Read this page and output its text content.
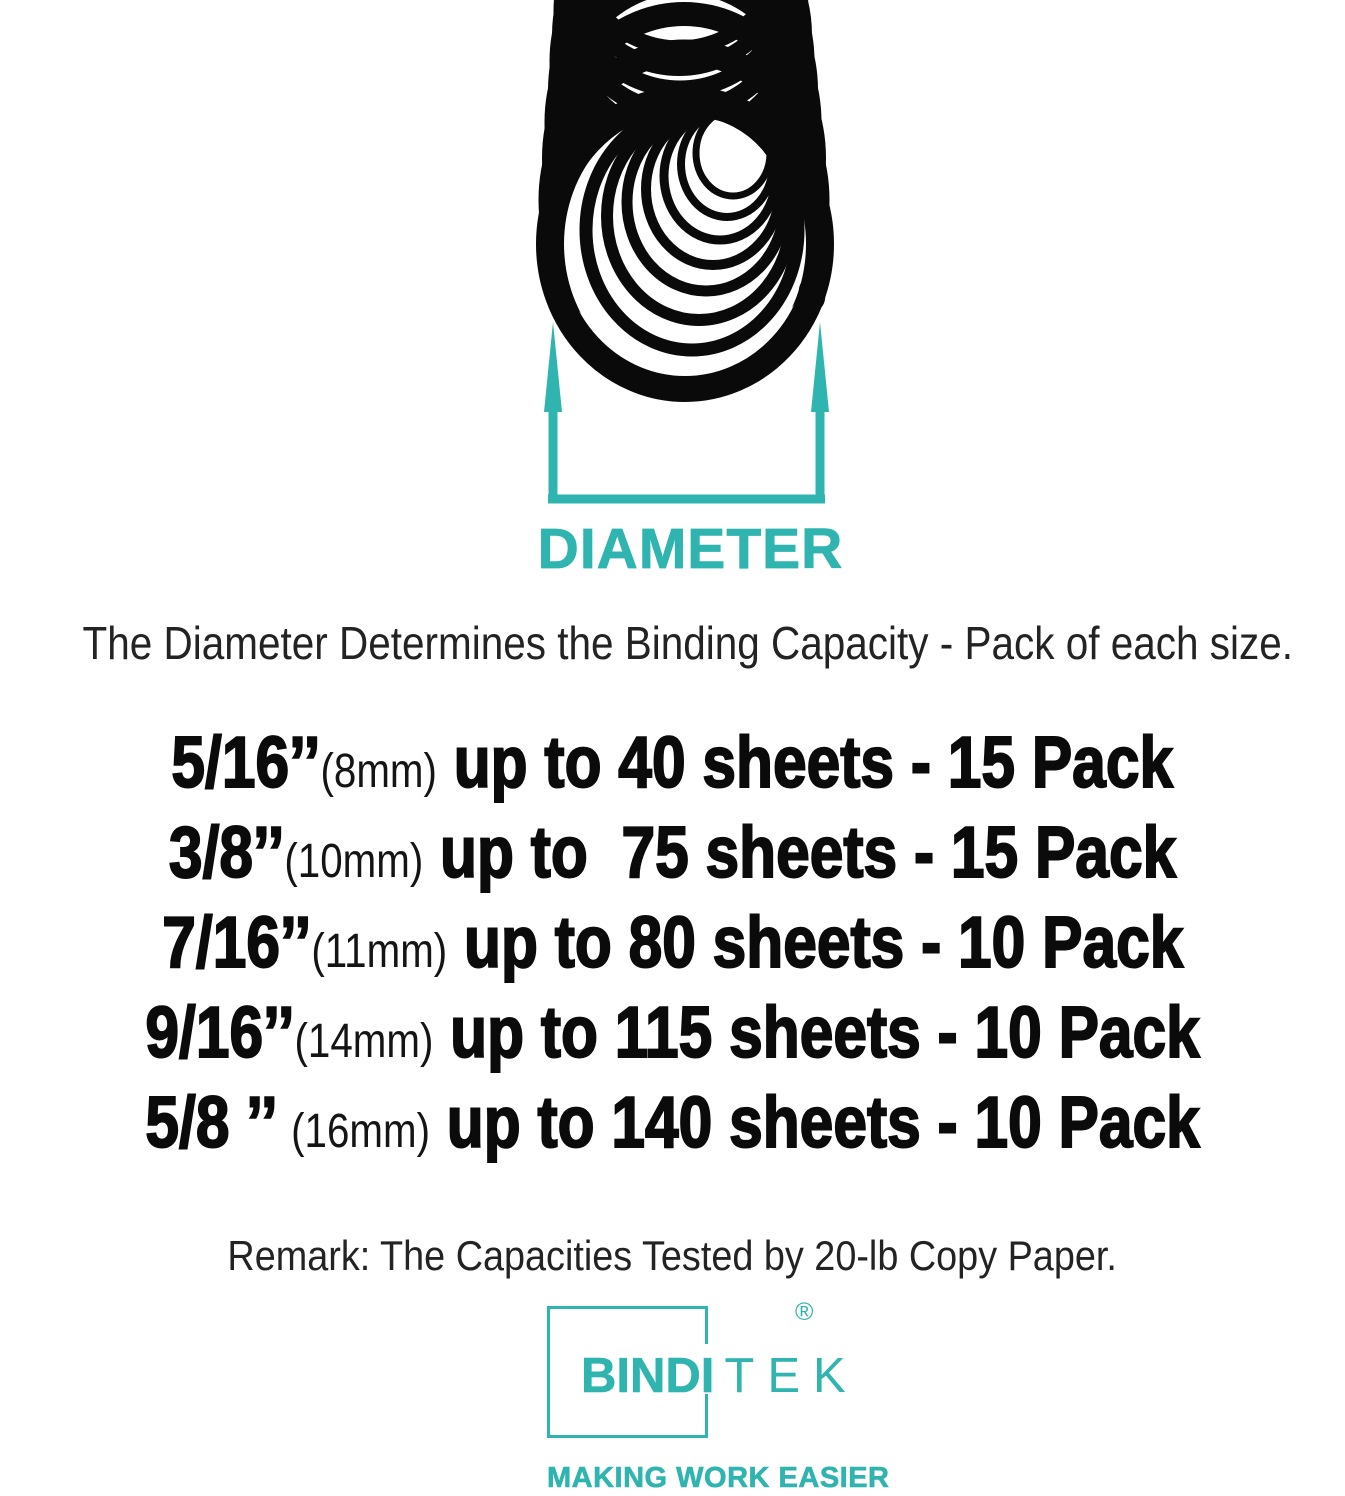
DIAMETER
The Diameter Determines the Binding Capacity - Pack of each size.
5/16’’(8mm) up to 40 sheets - 15 Pack
3/8’’(10mm) up to  75 sheets - 15 Pack
7/16’’(11mm) up to 80 sheets - 10 Pack
9/16’’(14mm) up to 115 sheets - 10 Pack
5/8 ’’ (16mm) up to 140 sheets - 10 Pack
Remark: The Capacities Tested by 20-lb Copy Paper.
BINDI TEK
®
MAKING WORK EASIER
